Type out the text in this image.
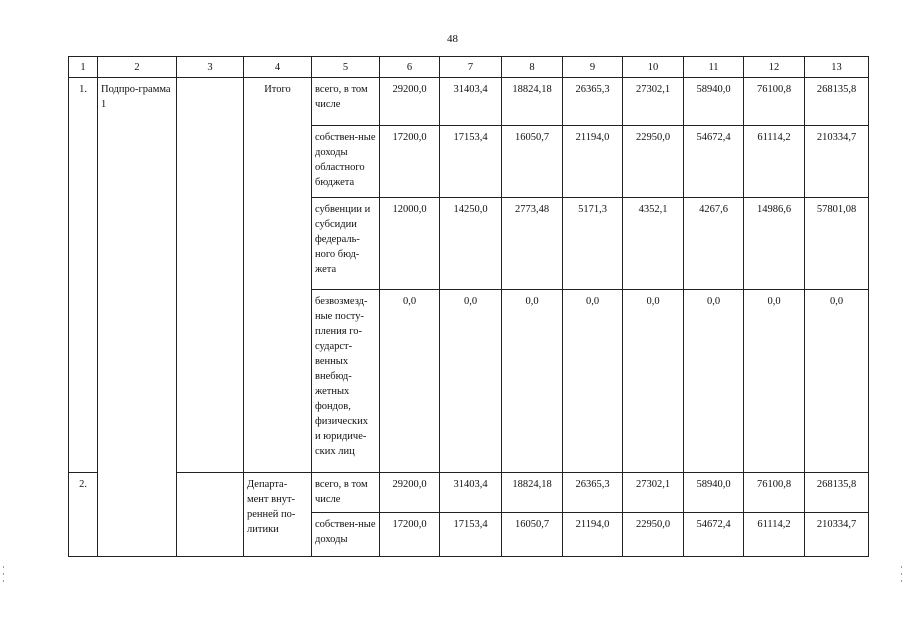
48
1	2	3	4	5	6	7	8	9	10	11	12	13
1.	Подпро-грамма 1		Итого	всего, в том числе	29200,0	31403,4	18824,18	26365,3	27302,1	58940,0	76100,8	268135,8
				собствен-ные доходы областного бюджета	17200,0	17153,4	16050,7	21194,0	22950,0	54672,4	61114,2	210334,7
				субвенции и субсидии федераль-ного бюд-жета	12000,0	14250,0	2773,48	5171,3	4352,1	4267,6	14986,6	57801,08
				безвозмезд-ные посту-пления го-сударст-венных внебюд-жетных фондов, физических и юридиче-ских лиц	0,0	0,0	0,0	0,0	0,0	0,0	0,0	0,0
2.			Департа-мент внут-ренней по-литики	всего, в том числе	29200,0	31403,4	18824,18	26365,3	27302,1	58940,0	76100,8	268135,8
				собствен-ные доходы	17200,0	17153,4	16050,7	21194,0	22950,0	54672,4	61114,2	210334,7
